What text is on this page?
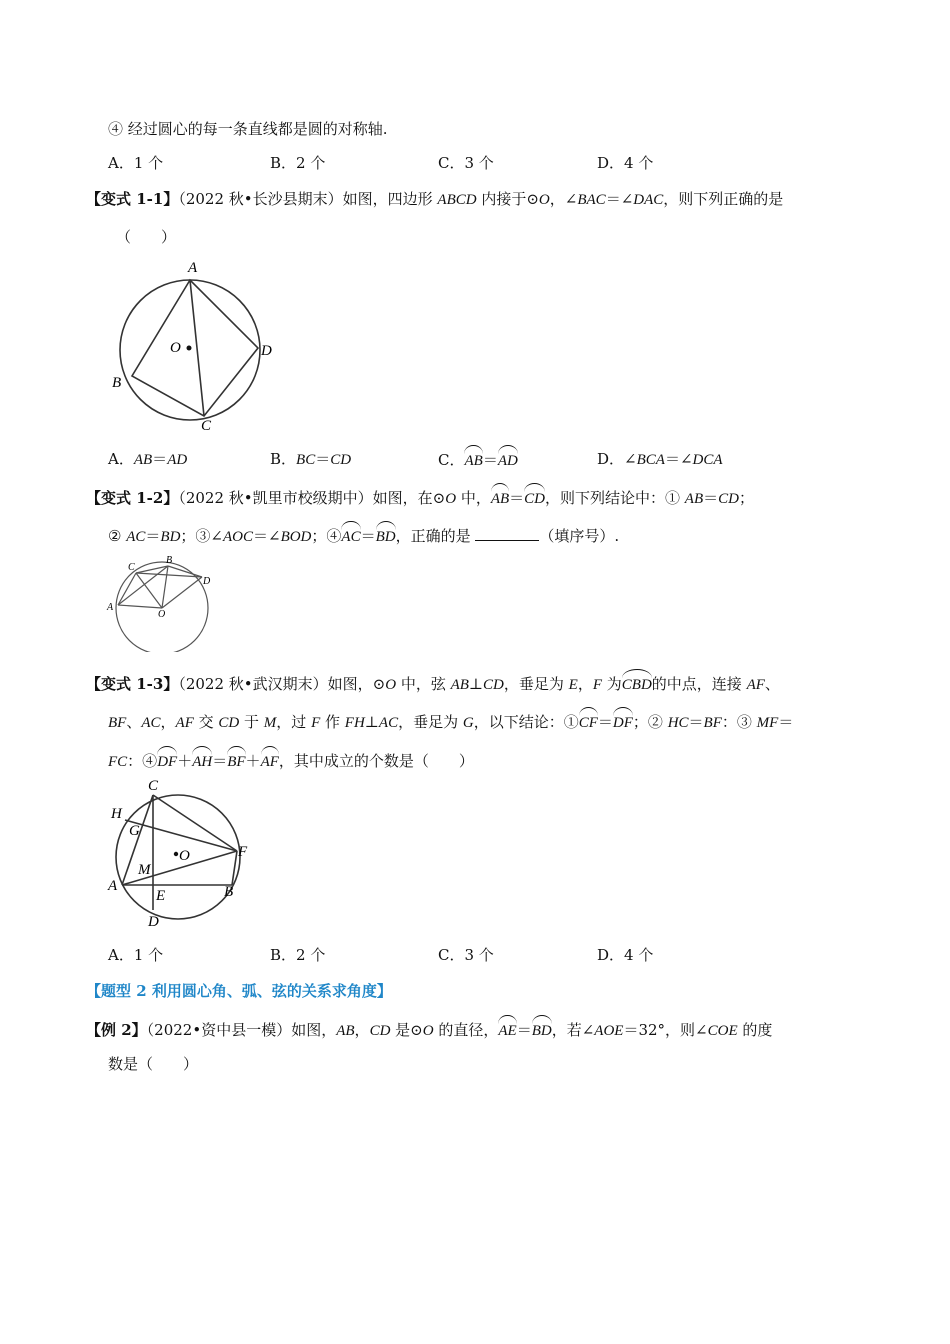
④ 经过圆心的每一条直线都是圆的对称轴.
A．1 个	B．2 个	C．3 个	D．4 个
【变式 1-1】（2022 秋•长沙县期末）如图，四边形 ABCD 内接于⊙O，∠BAC＝∠DAC，则下列正确的是
（　　）
A
B
C
D
O
A．AB＝AD	B．BC＝CD	C．AB＝AD	D．∠BCA＝∠DCA
【变式 1-2】（2022 秋•凯里市校级期中）如图，在⊙O 中，AB＝CD，则下列结论中：① AB＝CD；
② AC＝BD；③∠AOC＝∠BOD；④AC＝BD，正确的是	（填序号）.
A
B
C
D
O
【变式 1-3】（2022 秋•武汉期末）如图，⊙O 中，弦 AB⊥CD，垂足为 E，F 为CBD的中点，连接 AF、
BF、AC，AF 交 CD 于 M，过 F 作 FH⊥AC，垂足为 G，以下结论：①CF＝DF；② HC＝BF：③ MF＝
FC：④DF＋AH＝BF＋AF，其中成立的个数是（　　）
A	B
C
D
E
F
G
H
M
O
A．1 个	B．2 个	C．3 个	D．4 个
【题型 2 利用圆心角、弧、弦的关系求角度】
【例 2】（2022•资中县一模）如图，AB，CD 是⊙O 的直径，AE＝BD，若∠AOE＝32°，则∠COE 的度
数是（　　）
